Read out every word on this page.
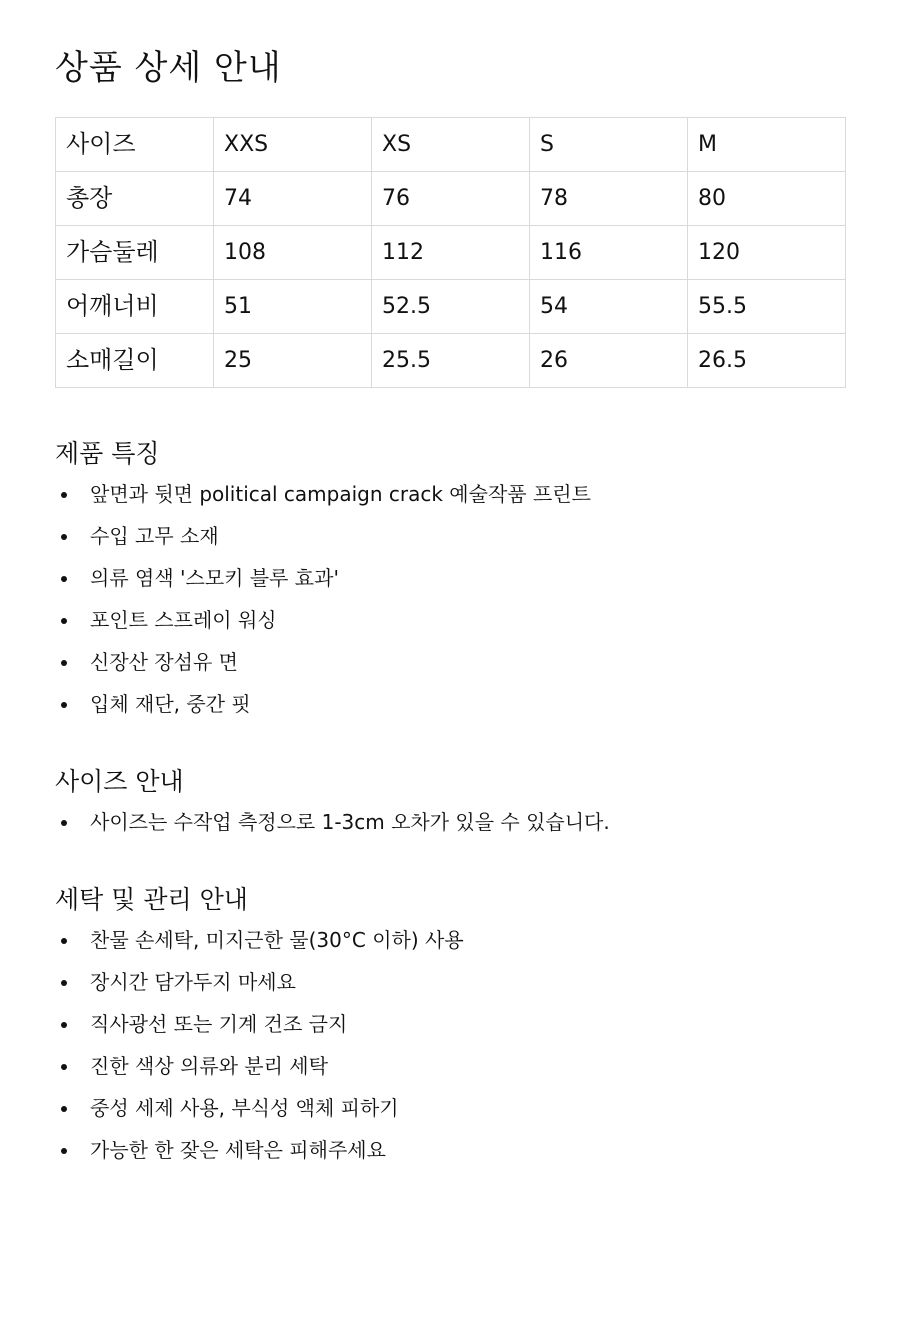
상품 상세 안내
사이즈	XXS	XS	S	M
총장	74	76	78	80
가슴둘레	108	112	116	120
어깨너비	51	52.5	54	55.5
소매길이	25	25.5	26	26.5
제품 특징
앞면과 뒷면 political campaign crack 예술작품 프린트
수입 고무 소재
의류 염색 '스모키 블루 효과'
포인트 스프레이 워싱
신장산 장섬유 면
입체 재단, 중간 핏
사이즈 안내
사이즈는 수작업 측정으로 1-3cm 오차가 있을 수 있습니다.
세탁 및 관리 안내
찬물 손세탁, 미지근한 물(30°C 이하) 사용
장시간 담가두지 마세요
직사광선 또는 기계 건조 금지
진한 색상 의류와 분리 세탁
중성 세제 사용, 부식성 액체 피하기
가능한 한 잦은 세탁은 피해주세요
